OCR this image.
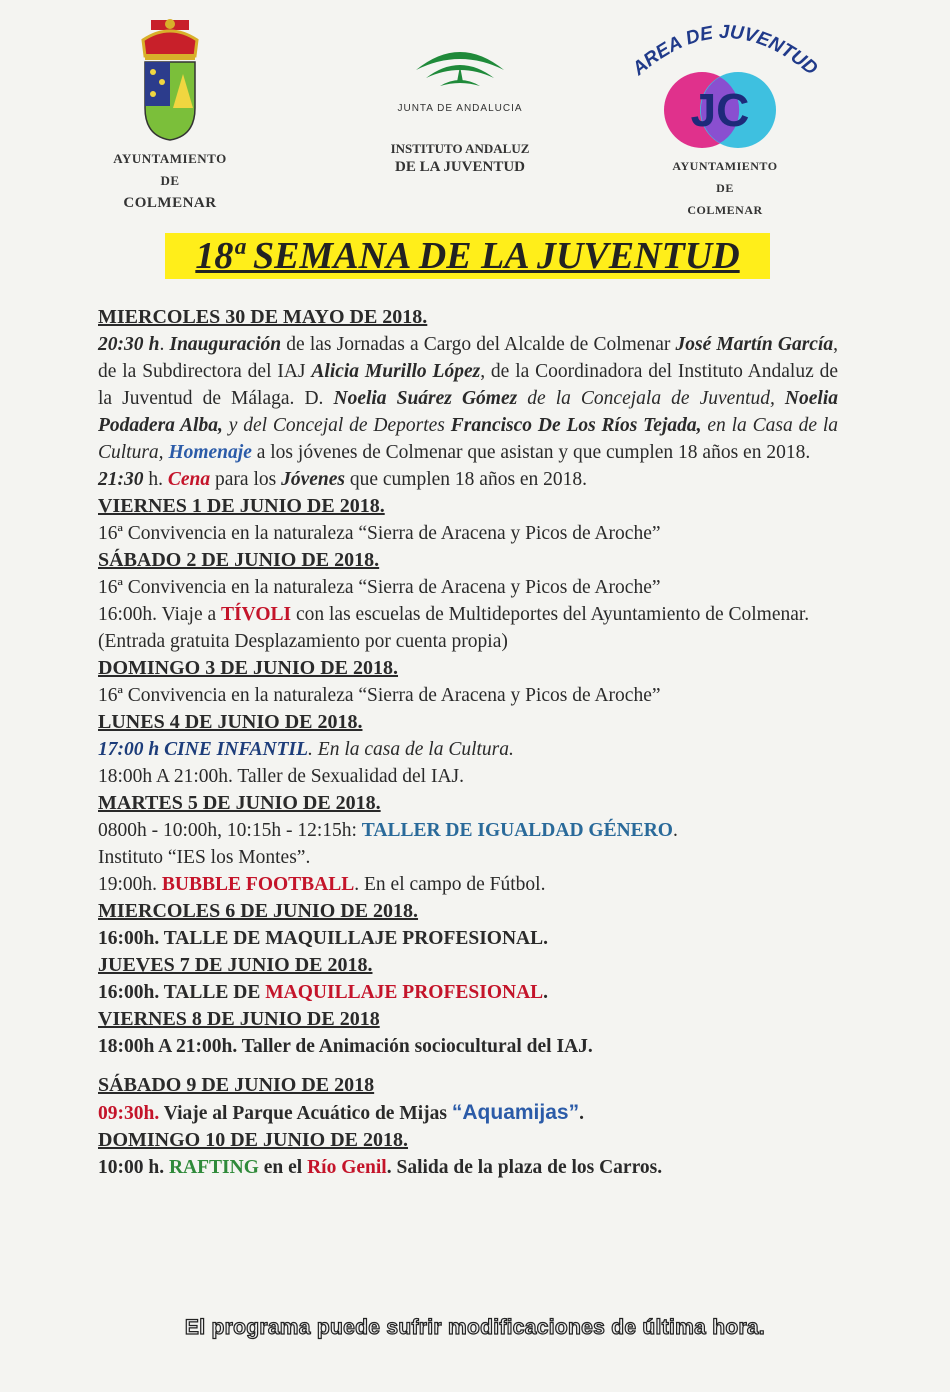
AYUNTAMIENTO
DE
COLMENAR
JUNTA DE ANDALUCIA
INSTITUTO ANDALUZ
DE LA JUVENTUD
AREA DE JUVENTUD
JC
AYUNTAMIENTO
DE
COLMENAR
18ª SEMANA DE LA JUVENTUD
MIERCOLES 30 DE MAYO DE 2018.

20:30 h. Inauguración de las Jornadas a Cargo del Alcalde de Colmenar José Martín García, de la Subdirectora del IAJ Alicia Murillo López, de la Coordinadora del Instituto Andaluz de la Juventud de Málaga. D. Noelia Suárez Gómez de la Concejala de Juventud, Noelia Podadera Alba, y del Concejal de Deportes Francisco De Los Ríos Tejada, en la Casa de la Cultura, Homenaje a los jóvenes de Colmenar que asistan y que cumplen 18 años en 2018.

21:30 h. Cena para los Jóvenes que cumplen 18 años en 2018.

VIERNES 1 DE JUNIO DE 2018.

16ª Convivencia en la naturaleza “Sierra de Aracena y Picos de Aroche”

SÁBADO 2 DE JUNIO DE 2018.

16ª Convivencia en la naturaleza “Sierra de Aracena y Picos de Aroche”

16:00h. Viaje a TÍVOLI con las escuelas de Multideportes del Ayuntamiento de Colmenar. (Entrada gratuita Desplazamiento por cuenta propia)

DOMINGO 3 DE JUNIO DE 2018.

16ª Convivencia en la naturaleza “Sierra de Aracena y Picos de Aroche”

LUNES 4 DE JUNIO DE 2018.

17:00 h CINE INFANTIL. En la casa de la Cultura.

18:00h A 21:00h. Taller de Sexualidad del IAJ.

MARTES 5 DE JUNIO DE 2018.

0800h - 10:00h, 10:15h - 12:15h: TALLER DE IGUALDAD GÉNERO.

Instituto “IES los Montes”.

19:00h. BUBBLE FOOTBALL. En el campo de Fútbol.

MIERCOLES 6 DE JUNIO DE 2018.

16:00h. TALLE DE MAQUILLAJE PROFESIONAL.

JUEVES 7 DE JUNIO DE 2018.

16:00h. TALLE DE MAQUILLAJE PROFESIONAL.

VIERNES 8 DE JUNIO DE 2018

18:00h A 21:00h. Taller de Animación sociocultural del IAJ.

SÁBADO 9 DE JUNIO DE 2018

09:30h. Viaje al Parque Acuático de Mijas “Aquamijas”.

DOMINGO 10 DE JUNIO DE 2018.

10:00 h. RAFTING en el Río Genil. Salida de la plaza de los Carros.

El programa puede sufrir modificaciones de última hora.
